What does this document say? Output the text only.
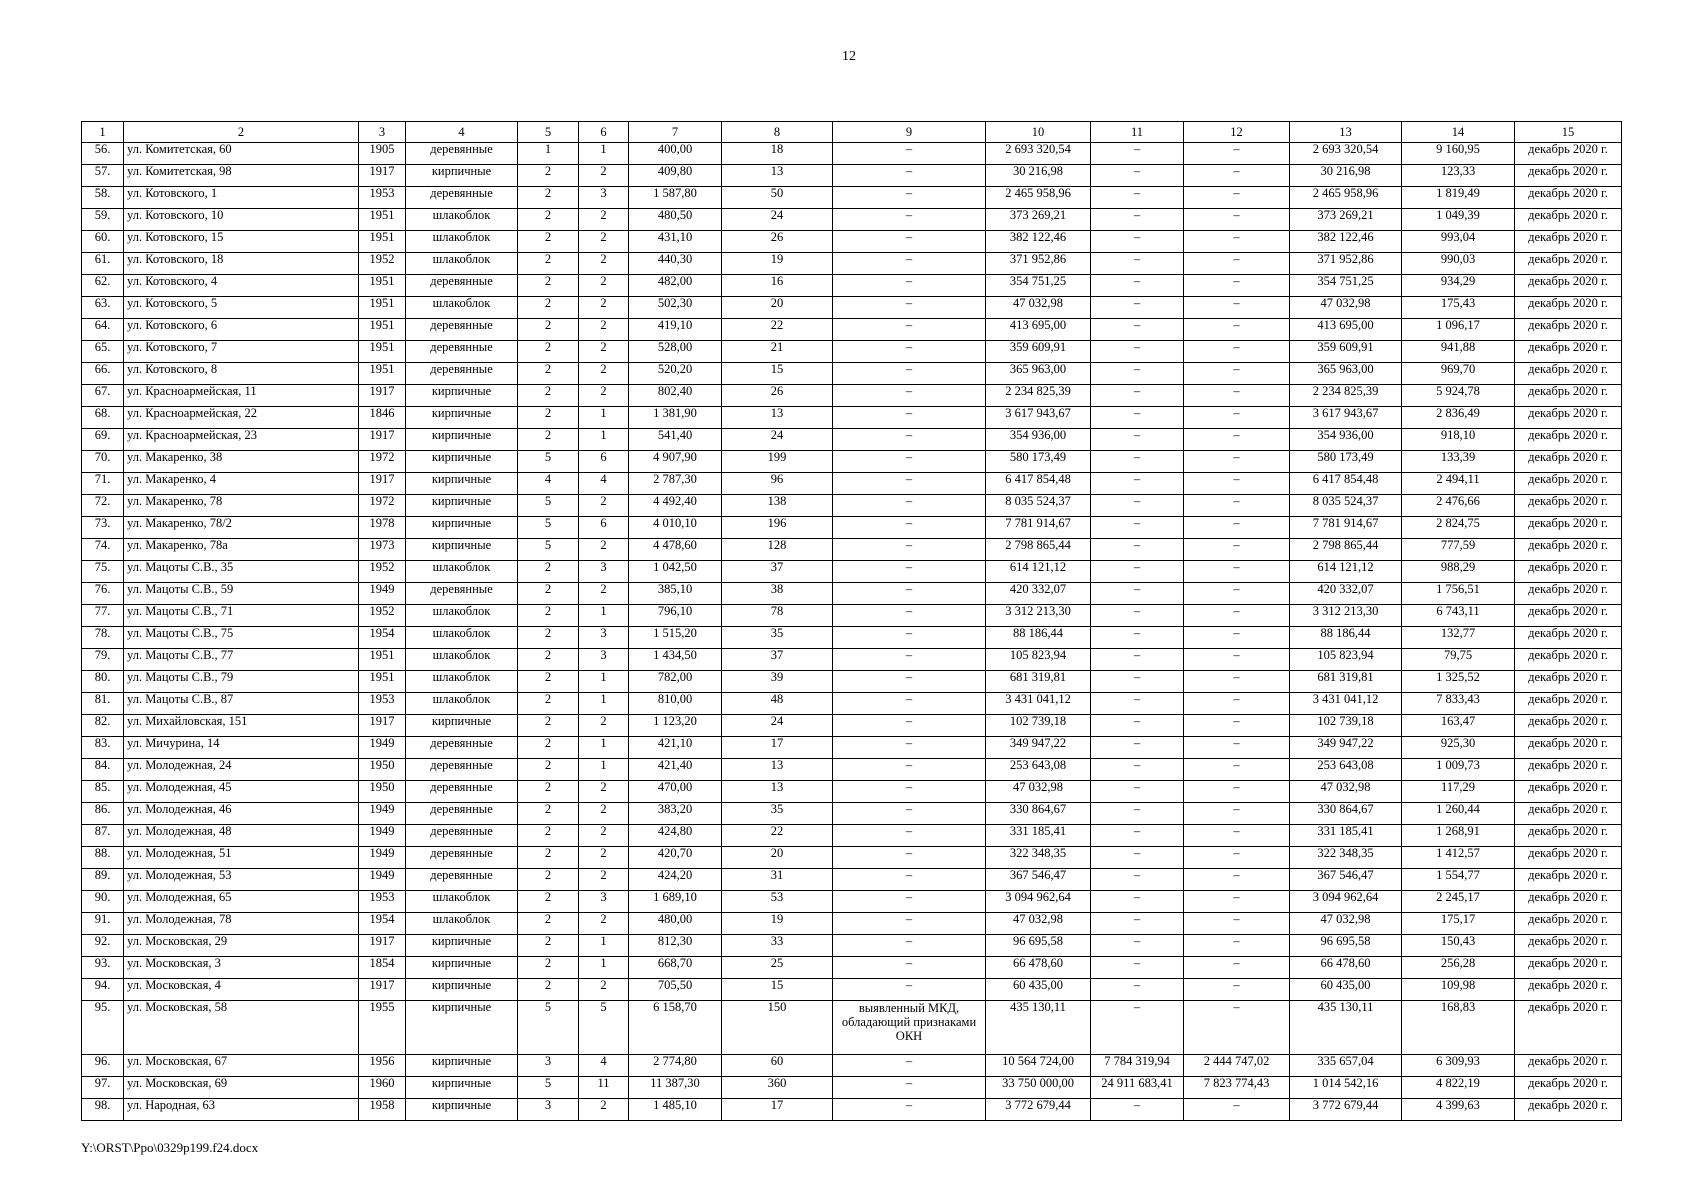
12
1	2	3	4	5	6	7	8	9	10	11	12	13	14	15
56.	ул. Комитетская, 60	1905	деревянные	1	1	400,00	18	–	2 693 320,54	–	–	2 693 320,54	9 160,95	декабрь 2020 г.
57.	ул. Комитетская, 98	1917	кирпичные	2	2	409,80	13	–	30 216,98	–	–	30 216,98	123,33	декабрь 2020 г.
58.	ул. Котовского, 1	1953	деревянные	2	3	1 587,80	50	–	2 465 958,96	–	–	2 465 958,96	1 819,49	декабрь 2020 г.
59.	ул. Котовского, 10	1951	шлакоблок	2	2	480,50	24	–	373 269,21	–	–	373 269,21	1 049,39	декабрь 2020 г.
60.	ул. Котовского, 15	1951	шлакоблок	2	2	431,10	26	–	382 122,46	–	–	382 122,46	993,04	декабрь 2020 г.
61.	ул. Котовского, 18	1952	шлакоблок	2	2	440,30	19	–	371 952,86	–	–	371 952,86	990,03	декабрь 2020 г.
62.	ул. Котовского, 4	1951	деревянные	2	2	482,00	16	–	354 751,25	–	–	354 751,25	934,29	декабрь 2020 г.
63.	ул. Котовского, 5	1951	шлакоблок	2	2	502,30	20	–	47 032,98	–	–	47 032,98	175,43	декабрь 2020 г.
64.	ул. Котовского, 6	1951	деревянные	2	2	419,10	22	–	413 695,00	–	–	413 695,00	1 096,17	декабрь 2020 г.
65.	ул. Котовского, 7	1951	деревянные	2	2	528,00	21	–	359 609,91	–	–	359 609,91	941,88	декабрь 2020 г.
66.	ул. Котовского, 8	1951	деревянные	2	2	520,20	15	–	365 963,00	–	–	365 963,00	969,70	декабрь 2020 г.
67.	ул. Красноармейская, 11	1917	кирпичные	2	2	802,40	26	–	2 234 825,39	–	–	2 234 825,39	5 924,78	декабрь 2020 г.
68.	ул. Красноармейская, 22	1846	кирпичные	2	1	1 381,90	13	–	3 617 943,67	–	–	3 617 943,67	2 836,49	декабрь 2020 г.
69.	ул. Красноармейская, 23	1917	кирпичные	2	1	541,40	24	–	354 936,00	–	–	354 936,00	918,10	декабрь 2020 г.
70.	ул. Макаренко, 38	1972	кирпичные	5	6	4 907,90	199	–	580 173,49	–	–	580 173,49	133,39	декабрь 2020 г.
71.	ул. Макаренко, 4	1917	кирпичные	4	4	2 787,30	96	–	6 417 854,48	–	–	6 417 854,48	2 494,11	декабрь 2020 г.
72.	ул. Макаренко, 78	1972	кирпичные	5	2	4 492,40	138	–	8 035 524,37	–	–	8 035 524,37	2 476,66	декабрь 2020 г.
73.	ул. Макаренко, 78/2	1978	кирпичные	5	6	4 010,10	196	–	7 781 914,67	–	–	7 781 914,67	2 824,75	декабрь 2020 г.
74.	ул. Макаренко, 78а	1973	кирпичные	5	2	4 478,60	128	–	2 798 865,44	–	–	2 798 865,44	777,59	декабрь 2020 г.
75.	ул. Мацоты С.В., 35	1952	шлакоблок	2	3	1 042,50	37	–	614 121,12	–	–	614 121,12	988,29	декабрь 2020 г.
76.	ул. Мацоты С.В., 59	1949	деревянные	2	2	385,10	38	–	420 332,07	–	–	420 332,07	1 756,51	декабрь 2020 г.
77.	ул. Мацоты С.В., 71	1952	шлакоблок	2	1	796,10	78	–	3 312 213,30	–	–	3 312 213,30	6 743,11	декабрь 2020 г.
78.	ул. Мацоты С.В., 75	1954	шлакоблок	2	3	1 515,20	35	–	88 186,44	–	–	88 186,44	132,77	декабрь 2020 г.
79.	ул. Мацоты С.В., 77	1951	шлакоблок	2	3	1 434,50	37	–	105 823,94	–	–	105 823,94	79,75	декабрь 2020 г.
80.	ул. Мацоты С.В., 79	1951	шлакоблок	2	1	782,00	39	–	681 319,81	–	–	681 319,81	1 325,52	декабрь 2020 г.
81.	ул. Мацоты С.В., 87	1953	шлакоблок	2	1	810,00	48	–	3 431 041,12	–	–	3 431 041,12	7 833,43	декабрь 2020 г.
82.	ул. Михайловская, 151	1917	кирпичные	2	2	1 123,20	24	–	102 739,18	–	–	102 739,18	163,47	декабрь 2020 г.
83.	ул. Мичурина, 14	1949	деревянные	2	1	421,10	17	–	349 947,22	–	–	349 947,22	925,30	декабрь 2020 г.
84.	ул. Молодежная, 24	1950	деревянные	2	1	421,40	13	–	253 643,08	–	–	253 643,08	1 009,73	декабрь 2020 г.
85.	ул. Молодежная, 45	1950	деревянные	2	2	470,00	13	–	47 032,98	–	–	47 032,98	117,29	декабрь 2020 г.
86.	ул. Молодежная, 46	1949	деревянные	2	2	383,20	35	–	330 864,67	–	–	330 864,67	1 260,44	декабрь 2020 г.
87.	ул. Молодежная, 48	1949	деревянные	2	2	424,80	22	–	331 185,41	–	–	331 185,41	1 268,91	декабрь 2020 г.
88.	ул. Молодежная, 51	1949	деревянные	2	2	420,70	20	–	322 348,35	–	–	322 348,35	1 412,57	декабрь 2020 г.
89.	ул. Молодежная, 53	1949	деревянные	2	2	424,20	31	–	367 546,47	–	–	367 546,47	1 554,77	декабрь 2020 г.
90.	ул. Молодежная, 65	1953	шлакоблок	2	3	1 689,10	53	–	3 094 962,64	–	–	3 094 962,64	2 245,17	декабрь 2020 г.
91.	ул. Молодежная, 78	1954	шлакоблок	2	2	480,00	19	–	47 032,98	–	–	47 032,98	175,17	декабрь 2020 г.
92.	ул. Московская, 29	1917	кирпичные	2	1	812,30	33	–	96 695,58	–	–	96 695,58	150,43	декабрь 2020 г.
93.	ул. Московская, 3	1854	кирпичные	2	1	668,70	25	–	66 478,60	–	–	66 478,60	256,28	декабрь 2020 г.
94.	ул. Московская, 4	1917	кирпичные	2	2	705,50	15	–	60 435,00	–	–	60 435,00	109,98	декабрь 2020 г.
95.	ул. Московская, 58	1955	кирпичные	5	5	6 158,70	150	выявленный МКД, обладающий признаками ОКН	435 130,11	–	–	435 130,11	168,83	декабрь 2020 г.
96.	ул. Московская, 67	1956	кирпичные	3	4	2 774,80	60	–	10 564 724,00	7 784 319,94	2 444 747,02	335 657,04	6 309,93	декабрь 2020 г.
97.	ул. Московская, 69	1960	кирпичные	5	11	11 387,30	360	–	33 750 000,00	24 911 683,41	7 823 774,43	1 014 542,16	4 822,19	декабрь 2020 г.
98.	ул. Народная, 63	1958	кирпичные	3	2	1 485,10	17	–	3 772 679,44	–	–	3 772 679,44	4 399,63	декабрь 2020 г.
Y:\ORST\Ppo\0329p199.f24.docx
